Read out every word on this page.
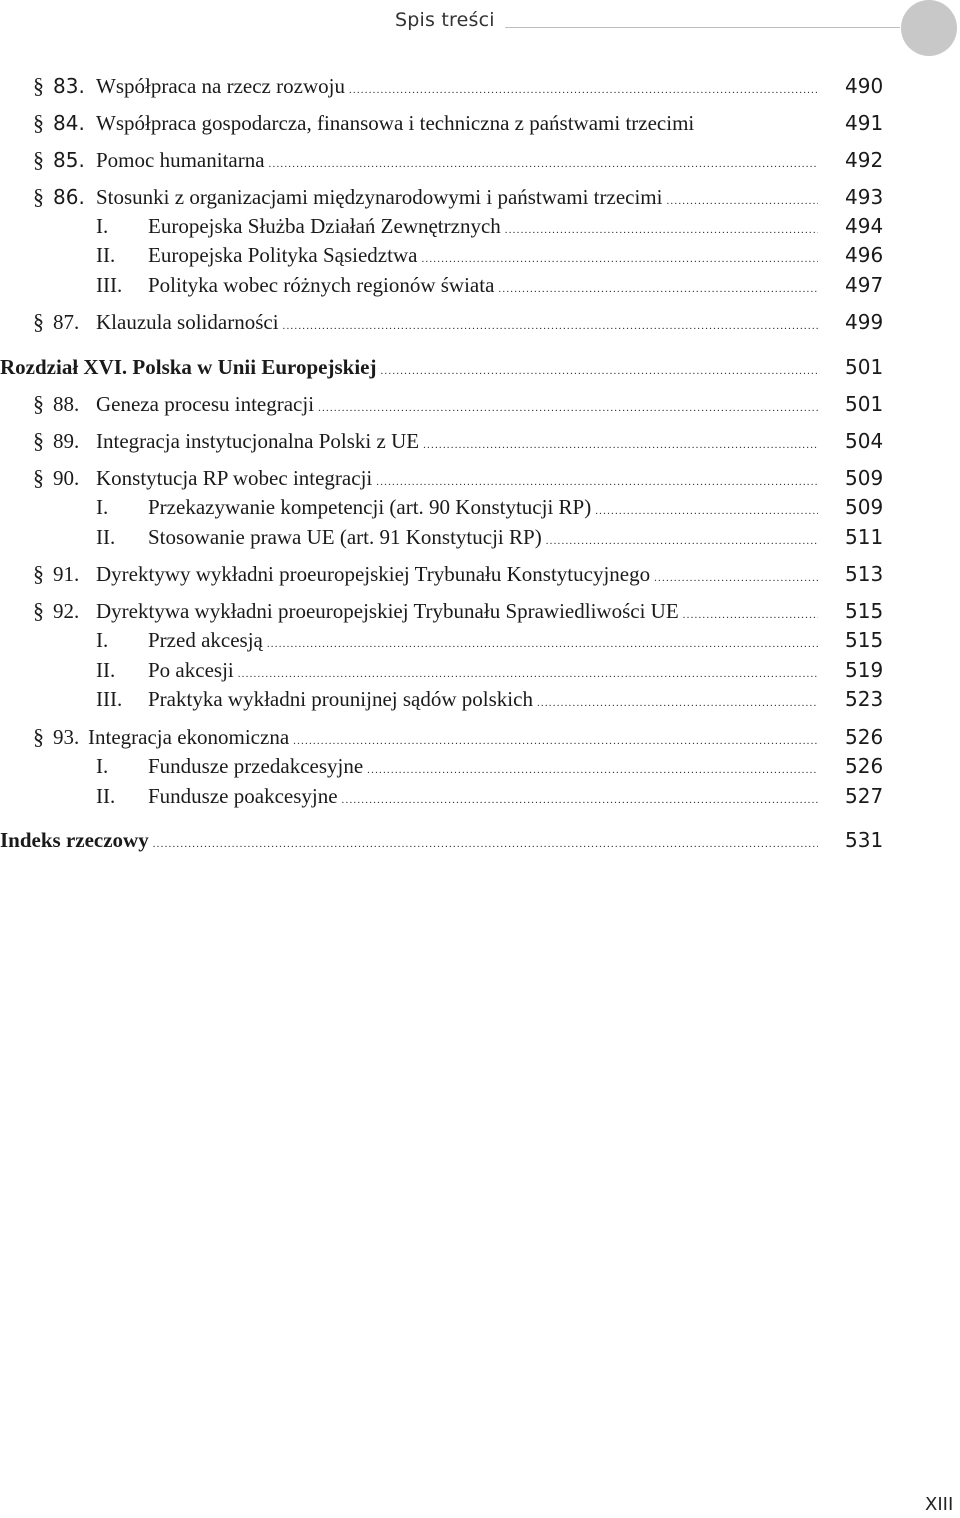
Spis treści
§ 83. Współpraca na rzecz rozwoju .....	490
§ 84. Współpraca gospodarcza, finansowa i techniczna z państwami trzecimi	491
§ 85. Pomoc humanitarna .....	492
§ 86. Stosunki z organizacjami międzynarodowymi i państwami trzecimi .....	493
I. Europejska Służba Działań Zewnętrznych .....	494
II. Europejska Polityka Sąsiedztwa .....	496
III. Polityka wobec różnych regionów świata .....	497
§ 87. Klauzula solidarności .....	499
Rozdział XVI. Polska w Unii Europejskiej .....	501
§ 88. Geneza procesu integracji .....	501
§ 89. Integracja instytucjonalna Polski z UE .....	504
§ 90. Konstytucja RP wobec integracji .....	509
I. Przekazywanie kompetencji (art. 90 Konstytucji RP) .....	509
II. Stosowanie prawa UE (art. 91 Konstytucji RP) .....	511
§ 91. Dyrektywy wykładni proeuropejskiej Trybunału Konstytucyjnego .....	513
§ 92. Dyrektywa wykładni proeuropejskiej Trybunału Sprawiedliwości UE .....	515
I. Przed akcesją .....	515
II. Po akcesji .....	519
III. Praktyka wykładni prounijnej sądów polskich .....	523
§ 93. Integracja ekonomiczna .....	526
I. Fundusze przedakcesyjne .....	526
II. Fundusze poakcesyjne .....	527
Indeks rzeczowy .....	531
XIII
